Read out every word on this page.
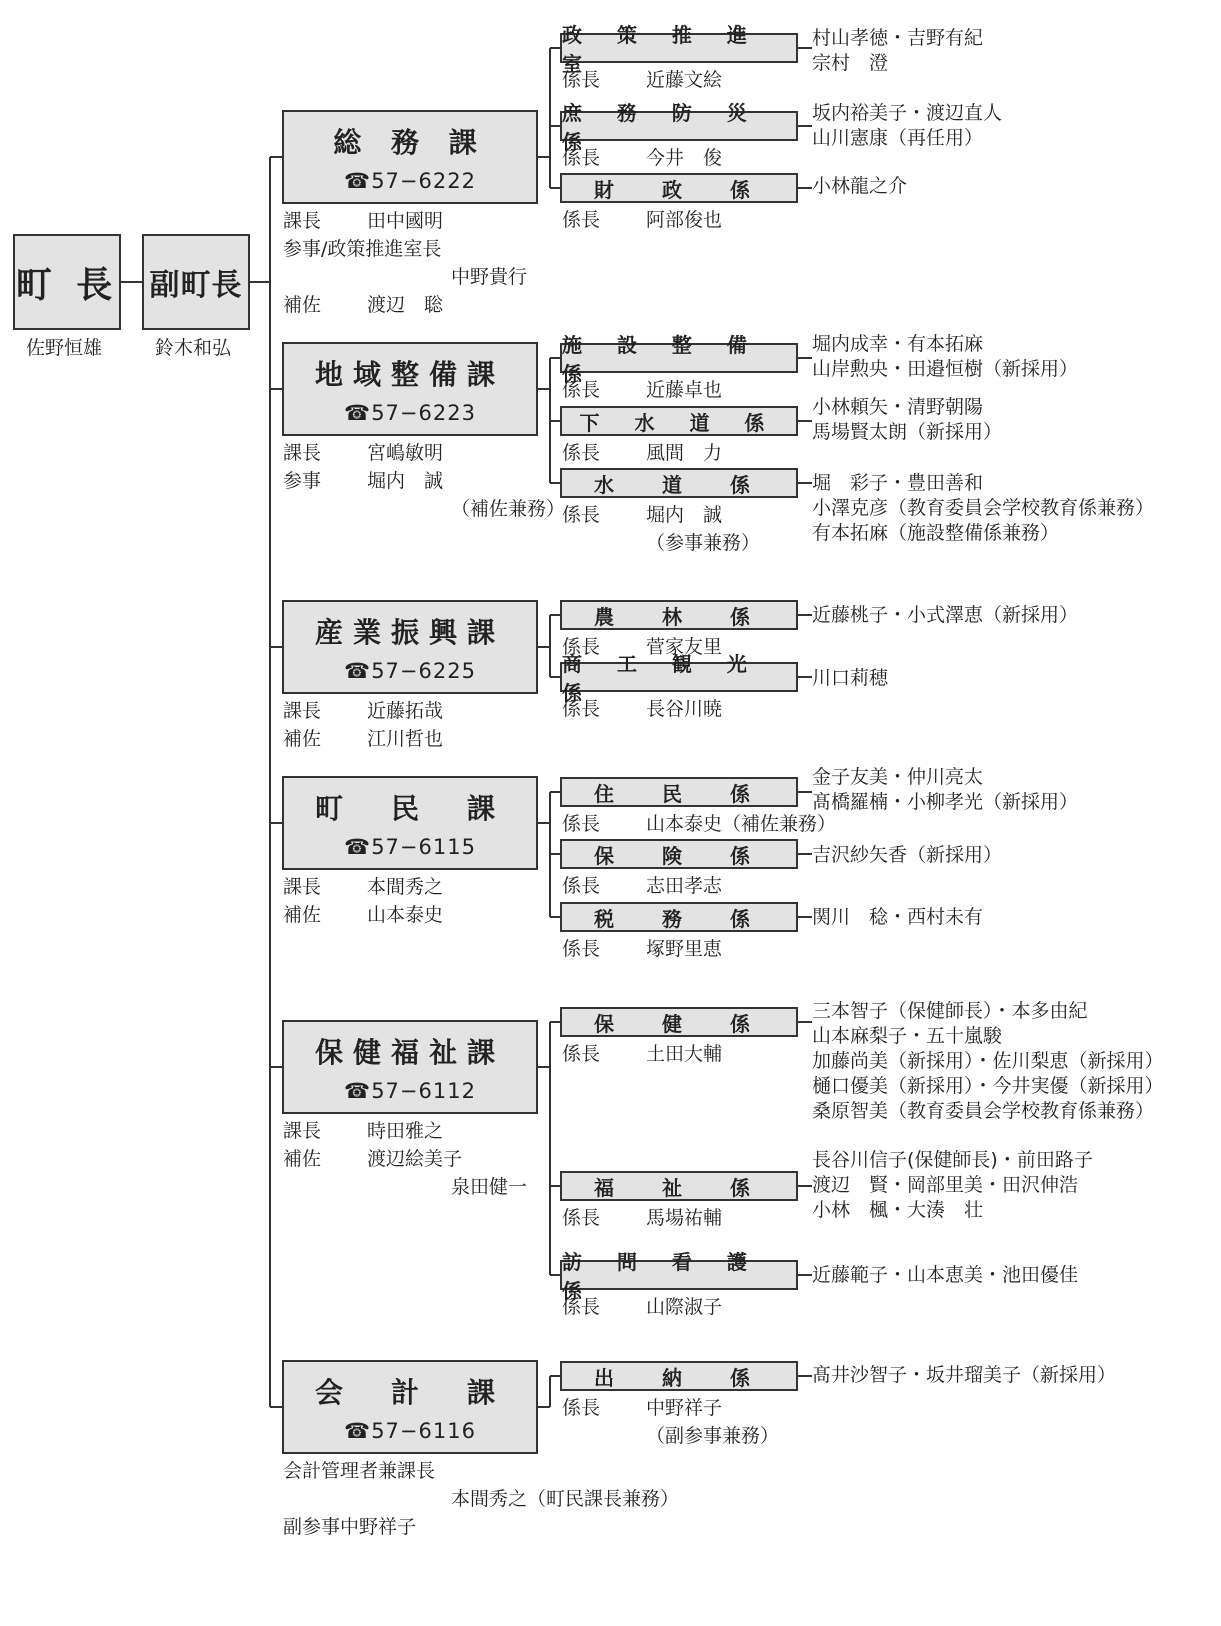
町 長
佐野恒雄
副町長
鈴木和弘
総 務 課
☎57−6222
課長 田中國明
参事/政策推進室長
中野貴行
補佐 渡辺　聡
政 策 推 進 室
係長 近藤文絵
村山孝徳・吉野有紀
宗村　澄
庶 務 防 災 係
係長 今井　俊
坂内裕美子・渡辺直人
山川憲康（再任用）
財　政　係
係長 阿部俊也
小林龍之介
地域整備課
☎57−6223
課長 宮嶋敏明
参事 堀内　誠
（補佐兼務）
施 設 整 備 係
係長 近藤卓也
堀内成幸・有本拓麻
山岸勲央・田邉恒樹（新採用）
下 水 道 係
係長 風間　力
小林頼矢・清野朝陽
馬場賢太朗（新採用）
水　道　係
係長 堀内　誠
（参事兼務）
堀　彩子・豊田善和
小澤克彦（教育委員会学校教育係兼務）
有本拓麻（施設整備係兼務）
産業振興課
☎57−6225
課長 近藤拓哉
補佐 江川哲也
農　林　係
係長 菅家友里
近藤桃子・小式澤恵（新採用）
商 工 観 光 係
係長 長谷川暁
川口莉穂
町　民　課
☎57−6115
課長 本間秀之
補佐 山本泰史
住　民　係
係長 山本泰史（補佐兼務）
金子友美・仲川亮太
髙橋羅楠・小柳孝光（新採用）
保　険　係
係長 志田孝志
吉沢紗矢香（新採用）
税　務　係
係長 塚野里恵
関川　稔・西村未有
保健福祉課
☎57−6112
課長 時田雅之
補佐 渡辺絵美子
泉田健一
保　健　係
係長 土田大輔
三本智子（保健師長）・本多由紀
山本麻梨子・五十嵐駿
加藤尚美（新採用）・佐川梨恵（新採用）
樋口優美（新採用）・今井実優（新採用）
桑原智美（教育委員会学校教育係兼務）
福　祉　係
係長 馬場祐輔
長谷川信子(保健師長)・前田路子
渡辺　賢・岡部里美・田沢伸浩
小林　楓・大湊　壮
訪 問 看 護 係
係長 山際淑子
近藤範子・山本恵美・池田優佳
会　計　課
☎57−6116
会計管理者兼課長
本間秀之（町民課長兼務）
副参事中野祥子
出　納　係
係長 中野祥子
（副参事兼務）
髙井沙智子・坂井瑠美子（新採用）
